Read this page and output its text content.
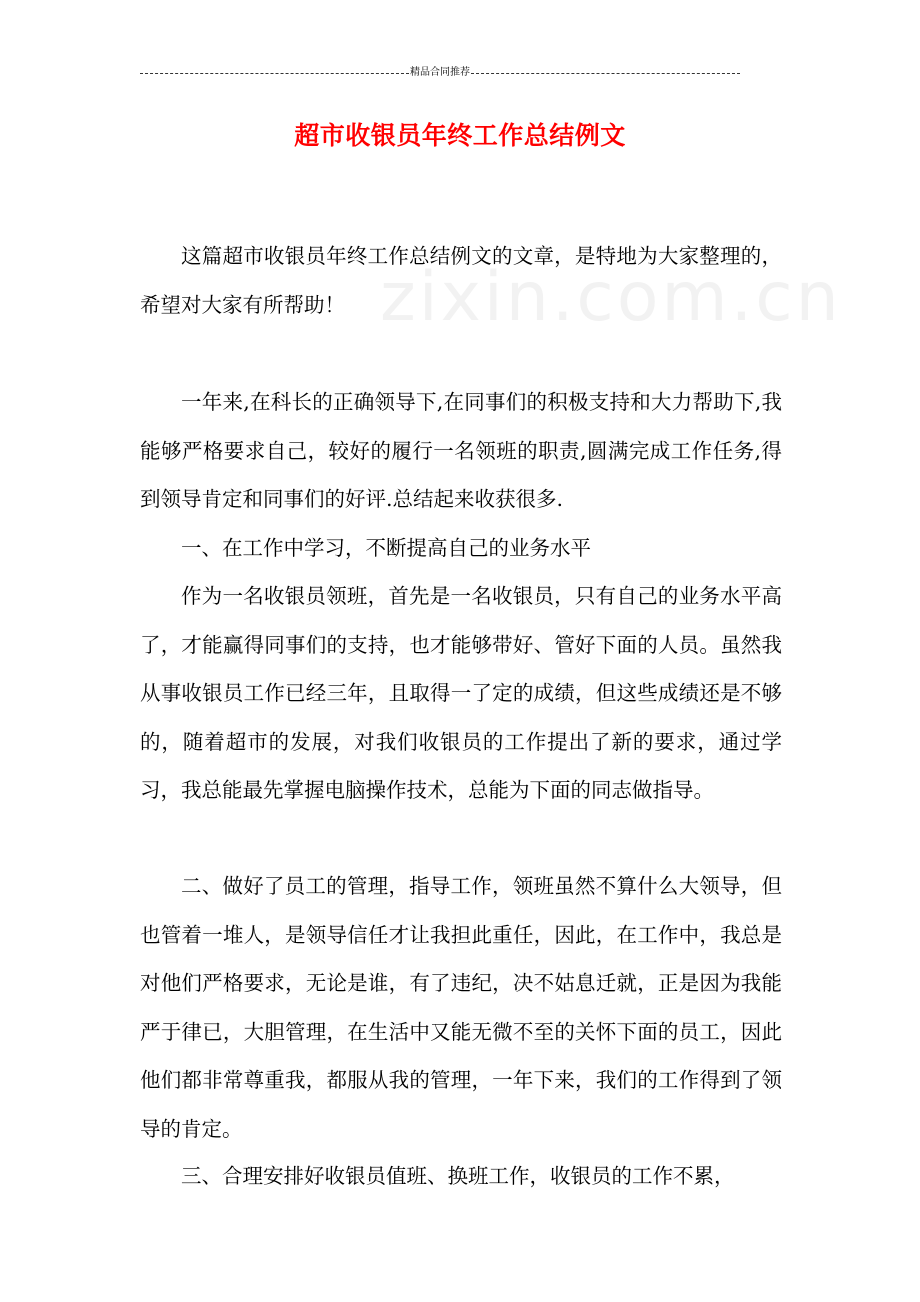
zixin.com.cn
精品合同推荐
超市收银员年终工作总结例文

这篇超市收银员年终工作总结例文的文章，是特地为大家整理的，希望对大家有所帮助！

一年来,在科长的正确领导下,在同事们的积极支持和大力帮助下,我能够严格要求自己，较好的履行一名领班的职责,圆满完成工作任务,得到领导肯定和同事们的好评.总结起来收获很多.

一、在工作中学习，不断提高自己的业务水平

作为一名收银员领班，首先是一名收银员，只有自己的业务水平高了，才能赢得同事们的支持，也才能够带好、管好下面的人员。虽然我从事收银员工作已经三年，且取得一了定的成绩，但这些成绩还是不够的，随着超市的发展，对我们收银员的工作提出了新的要求，通过学习，我总能最先掌握电脑操作技术，总能为下面的同志做指导。

二、做好了员工的管理，指导工作，领班虽然不算什么大领导，但也管着一堆人，是领导信任才让我担此重任，因此，在工作中，我总是对他们严格要求，无论是谁，有了违纪，决不姑息迁就，正是因为我能严于律已，大胆管理，在生活中又能无微不至的关怀下面的员工，因此他们都非常尊重我，都服从我的管理，一年下来，我们的工作得到了领导的肯定。

三、合理安排好收银员值班、换班工作，收银员的工作不累，
